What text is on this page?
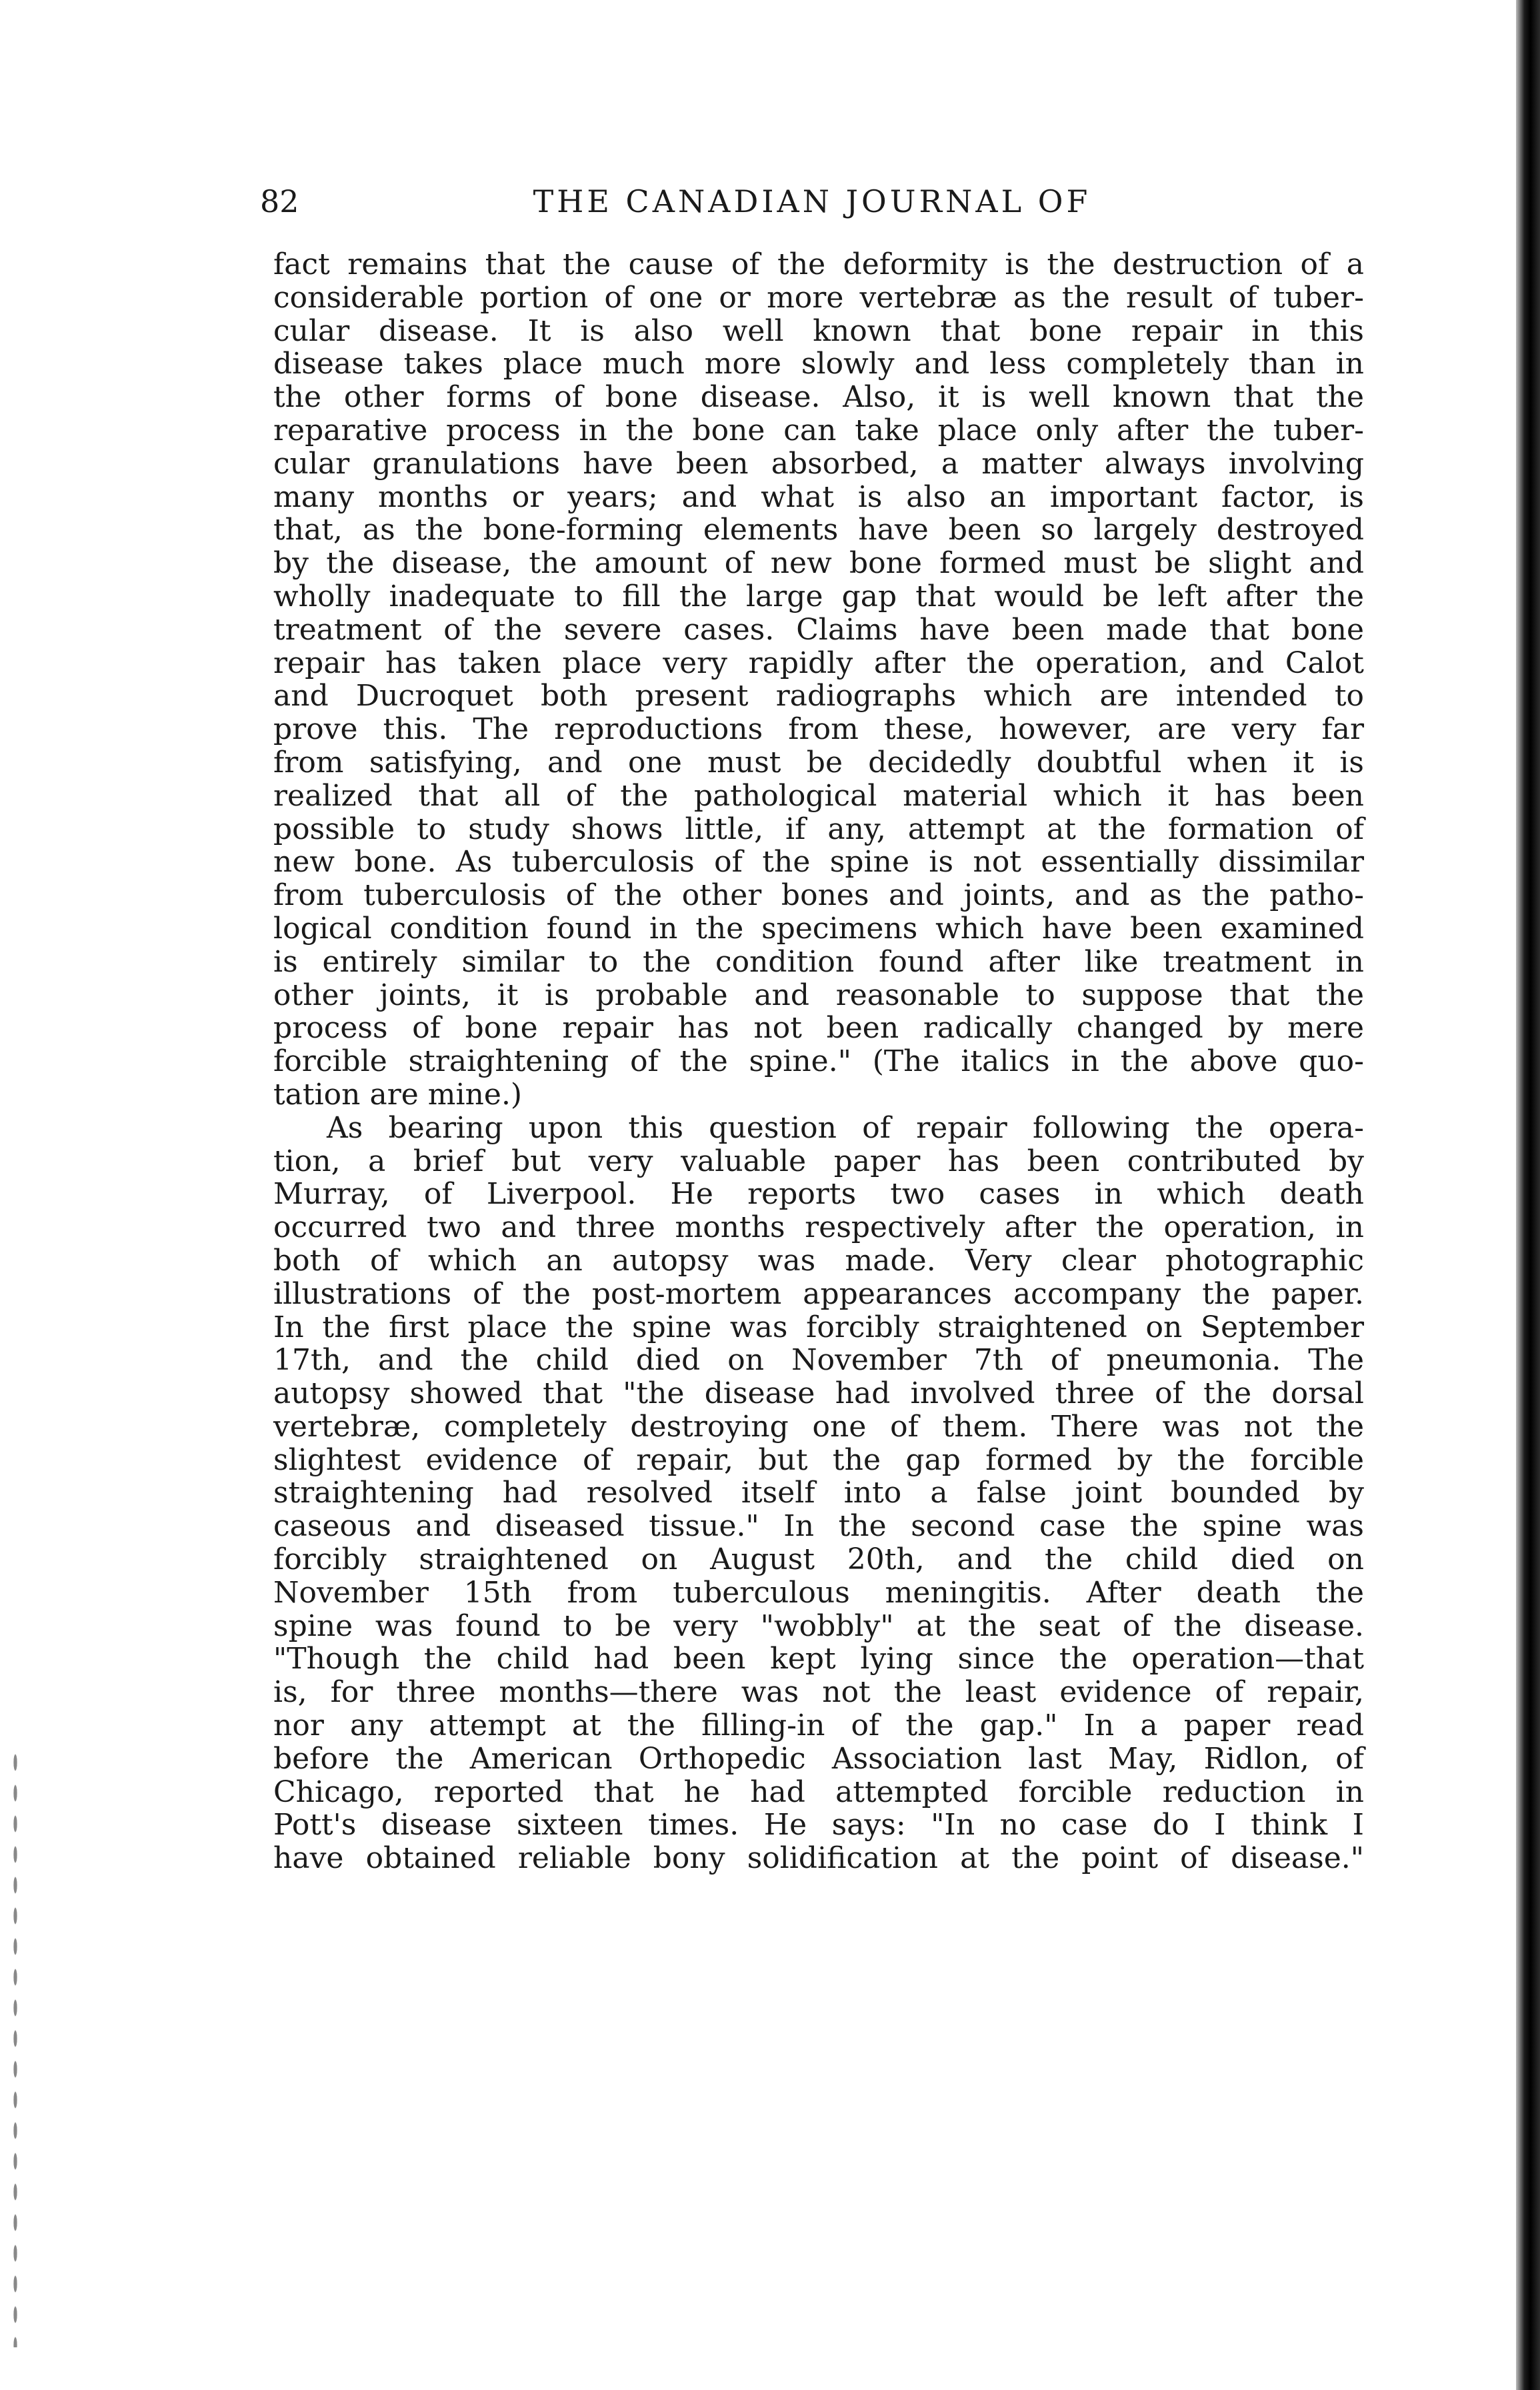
82	THE CANADIAN JOURNAL OF
fact remains that the cause of the deformity is the destruction of a
considerable portion of one or more vertebræ as the result of tuber-
cular disease. It is also well known that bone repair in this
disease takes place much more slowly and less completely than in
the other forms of bone disease. Also, it is well known that the
reparative process in the bone can take place only after the tuber-
cular granulations have been absorbed, a matter always involving
many months or years; and what is also an important factor, is
that, as the bone-forming elements have been so largely destroyed
by the disease, the amount of new bone formed must be slight and
wholly inadequate to fill the large gap that would be left after the
treatment of the severe cases. Claims have been made that bone
repair has taken place very rapidly after the operation, and Calot
and Ducroquet both present radiographs which are intended to
prove this. The reproductions from these, however, are very far
from satisfying, and one must be decidedly doubtful when it is
realized that all of the pathological material which it has been
possible to study shows little, if any, attempt at the formation of
new bone. As tuberculosis of the spine is not essentially dissimilar
from tuberculosis of the other bones and joints, and as the patho-
logical condition found in the specimens which have been examined
is entirely similar to the condition found after like treatment in
other joints, it is probable and reasonable to suppose that the
process of bone repair has not been radically changed by mere
forcible straightening of the spine." (The italics in the above quo-
tation are mine.)
As bearing upon this question of repair following the opera-
tion, a brief but very valuable paper has been contributed by
Murray, of Liverpool. He reports two cases in which death
occurred two and three months respectively after the operation, in
both of which an autopsy was made. Very clear photographic
illustrations of the post-mortem appearances accompany the paper.
In the first place the spine was forcibly straightened on September
17th, and the child died on November 7th of pneumonia. The
autopsy showed that "the disease had involved three of the dorsal
vertebræ, completely destroying one of them. There was not the
slightest evidence of repair, but the gap formed by the forcible
straightening had resolved itself into a false joint bounded by
caseous and diseased tissue." In the second case the spine was
forcibly straightened on August 20th, and the child died on
November 15th from tuberculous meningitis. After death the
spine was found to be very "wobbly" at the seat of the disease.
"Though the child had been kept lying since the operation—that
is, for three months—there was not the least evidence of repair,
nor any attempt at the filling-in of the gap." In a paper read
before the American Orthopedic Association last May, Ridlon, of
Chicago, reported that he had attempted forcible reduction in
Pott's disease sixteen times. He says: "In no case do I think I
have obtained reliable bony solidification at the point of disease."
